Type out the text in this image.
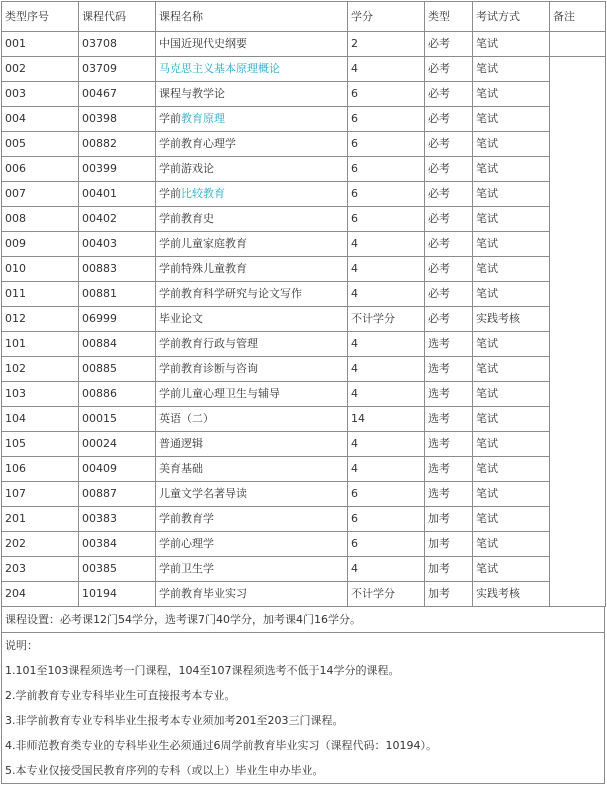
类型序号	课程代码	课程名称	学分	类型	考试方式	备注
001	03708	中国近现代史纲要	2	必考	笔试	
002	03709	马克思主义基本原理概论	4	必考	笔试	
003	00467	课程与教学论	6	必考	笔试	
004	00398	学前教育原理	6	必考	笔试	
005	00882	学前教育心理学	6	必考	笔试	
006	00399	学前游戏论	6	必考	笔试	
007	00401	学前比较教育	6	必考	笔试	
008	00402	学前教育史	6	必考	笔试	
009	00403	学前儿童家庭教育	4	必考	笔试	
010	00883	学前特殊儿童教育	4	必考	笔试	
011	00881	学前教育科学研究与论文写作	4	必考	笔试	
012	06999	毕业论文	不计学分	必考	实践考核	
101	00884	学前教育行政与管理	4	选考	笔试	
102	00885	学前教育诊断与咨询	4	选考	笔试	
103	00886	学前儿童心理卫生与辅导	4	选考	笔试	
104	00015	英语（二）	14	选考	笔试	
105	00024	普通逻辑	4	选考	笔试	
106	00409	美育基础	4	选考	笔试	
107	00887	儿童文学名著导读	6	选考	笔试	
201	00383	学前教育学	6	加考	笔试	
202	00384	学前心理学	6	加考	笔试	
203	00385	学前卫生学	4	加考	笔试	
204	10194	学前教育毕业实习	不计学分	加考	实践考核	
课程设置：必考课12门54学分，选考课7门40学分，加考课4门16学分。
说明：
1.101至103课程须选考一门课程，104至107课程须选考不低于14学分的课程。
2.学前教育专业专科毕业生可直接报考本专业。
3.非学前教育专业专科毕业生报考本专业须加考201至203三门课程。
4.非师范教育类专业的专科毕业生必须通过6周学前教育毕业实习（课程代码：10194）。
5.本专业仅接受国民教育序列的专科（或以上）毕业生申办毕业。
